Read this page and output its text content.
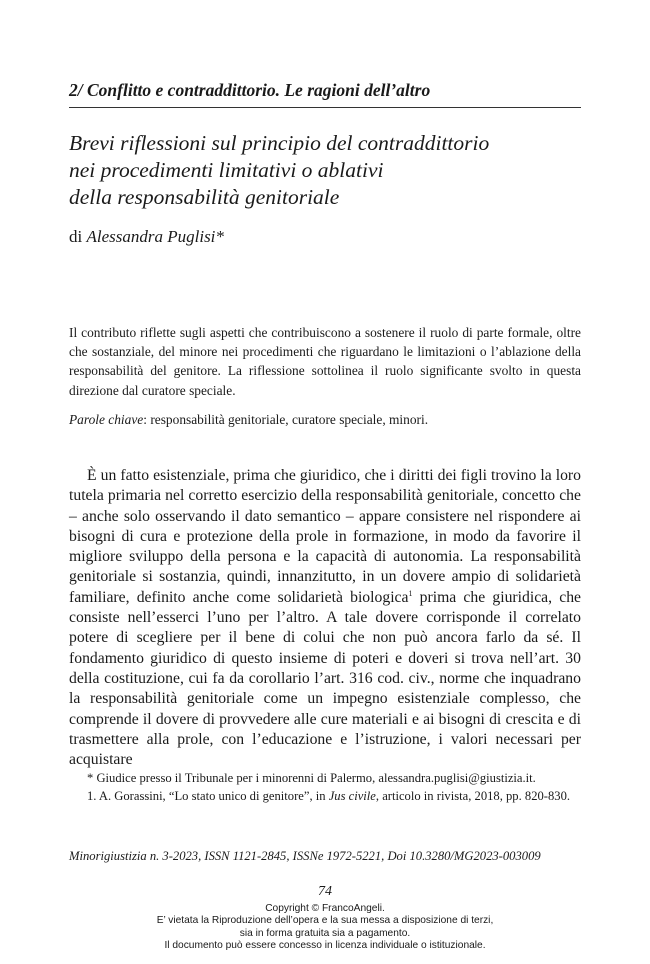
2/ Conflitto e contraddittorio. Le ragioni dell’altro
Brevi riflessioni sul principio del contraddittorio
nei procedimenti limitativi o ablativi
della responsabilità genitoriale
di Alessandra Puglisi*
Il contributo riflette sugli aspetti che contribuiscono a sostenere il ruolo di parte formale, oltre che sostanziale, del minore nei procedimenti che riguardano le limitazioni o l’ablazione della responsabilità del genitore. La riflessione sottolinea il ruolo significante svolto in questa direzione dal curatore speciale.
Parole chiave: responsabilità genitoriale, curatore speciale, minori.
È un fatto esistenziale, prima che giuridico, che i diritti dei figli trovino la loro tutela primaria nel corretto esercizio della responsabilità genitoriale, concetto che – anche solo osservando il dato semantico – appare consistere nel rispondere ai bisogni di cura e protezione della prole in formazione, in modo da favorire il migliore sviluppo della persona e la capacità di autonomia. La responsabilità genitoriale si sostanzia, quindi, innanzitutto, in un dovere ampio di solidarietà familiare, definito anche come solidarietà biologica$^1$ prima che giuridica, che consiste nell’esserci l’uno per l’altro. A tale dovere corrisponde il correlato potere di scegliere per il bene di colui che non può ancora farlo da sé. Il fondamento giuridico di questo insieme di poteri e doveri si trova nell’art. 30 della costituzione, cui fa da corollario l’art. 316 cod. civ., norme che inquadrano la responsabilità genitoriale come un impegno esistenziale complesso, che comprende il dovere di provvedere alle cure materiali e ai bisogni di crescita e di trasmettere alla prole, con l’educazione e l’istruzione, i valori necessari per acquistare

* Giudice presso il Tribunale per i minorenni di Palermo, alessandra.puglisi@giustizia.it.

1. A. Gorassini, “Lo stato unico di genitore”, in Jus civile, articolo in rivista, 2018, pp. 820-830.

Minorigiustizia n. 3-2023, ISSN 1121-2845, ISSNe 1972-5221, Doi 10.3280/MG2023-003009
74
Copyright © FrancoAngeli.
E’ vietata la Riproduzione dell’opera e la sua messa a disposizione di terzi,
sia in forma gratuita sia a pagamento.
Il documento può essere concesso in licenza individuale o istituzionale.
